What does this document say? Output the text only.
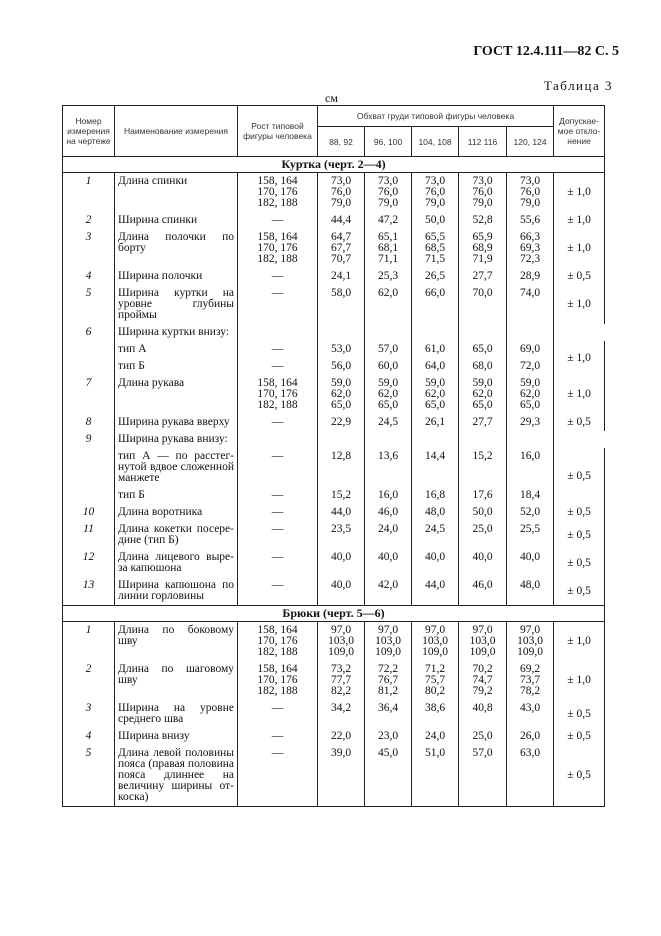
ГОСТ 12.4.111—82 С. 5
Таблица 3
см
Номер измерения на чертеже	Наименование измерения	Рост типовой фигуры человека	Обхват груди типовой фигуры человека					Допускае-мое откло-нение
			88, 92	96, 100	104, 108	112 116	120, 124	
Куртка (черт. 2—4)								
1	Длина спинки	158, 164
170, 176
182, 188	73,0
76,0
79,0	73,0
76,0
79,0	73,0
76,0
79,0	73,0
76,0
79,0	73,0
76,0
79,0	± 1,0
2	Ширина спинки	—	44,4	47,2	50,0	52,8	55,6	± 1,0
3	Длина полочки по борту	158, 164
170, 176
182, 188	64,7
67,7
70,7	65,1
68,1
71,1	65,5
68,5
71,5	65,9
68,9
71,9	66,3
69,3
72,3	± 1,0
4	Ширина полочки	—	24,1	25,3	26,5	27,7	28,9	± 0,5
5	Ширина куртки на уровне глубины проймы	—	58,0	62,0	66,0	70,0	74,0	± 1,0
6	Ширина куртки внизу:							
	тип А	—	53,0	57,0	61,0	65,0	69,0	± 1,0
	тип Б	—	56,0	60,0	64,0	68,0	72,0	
7	Длина рукава	158, 164
170, 176
182, 188	59,0
62,0
65,0	59,0
62,0
65,0	59,0
62,0
65,0	59,0
62,0
65,0	59,0
62,0
65,0	± 1,0
8	Ширина рукава вверху	—	22,9	24,5	26,1	27,7	29,3	± 0,5
9	Ширина рукава внизу:							
	тип А — по расстег-нутой вдвое сложенной манжете	—	12,8	13,6	14,4	15,2	16,0	± 0,5
	тип Б	—	15,2	16,0	16,8	17,6	18,4	
10	Длина воротника	—	44,0	46,0	48,0	50,0	52,0	± 0,5
11	Длина кокетки посере-дине (тип Б)	—	23,5	24,0	24,5	25,0	25,5	± 0,5
12	Длина лицевого выре-за капюшона	—	40,0	40,0	40,0	40,0	40,0	± 0,5
13	Ширина капюшона по линии горловины	—	40,0	42,0	44,0	46,0	48,0	± 0,5
Брюки (черт. 5—6)								
1	Длина по боковому шву	158, 164
170, 176
182, 188	97,0
103,0
109,0	97,0
103,0
109,0	97,0
103,0
109,0	97,0
103,0
109,0	97,0
103,0
109,0	± 1,0
2	Длина по шаговому шву	158, 164
170, 176
182, 188	73,2
77,7
82,2	72,2
76,7
81,2	71,2
75,7
80,2	70,2
74,7
79,2	69,2
73,7
78,2	± 1,0
3	Ширина на уровне среднего шва	—	34,2	36,4	38,6	40,8	43,0	± 0,5
4	Ширина внизу	—	22,0	23,0	24,0	25,0	26,0	± 0,5
5	Длина левой половины пояса (правая половина пояса длиннее на величину ширины от-коска)	—	39,0	45,0	51,0	57,0	63,0	± 0,5
